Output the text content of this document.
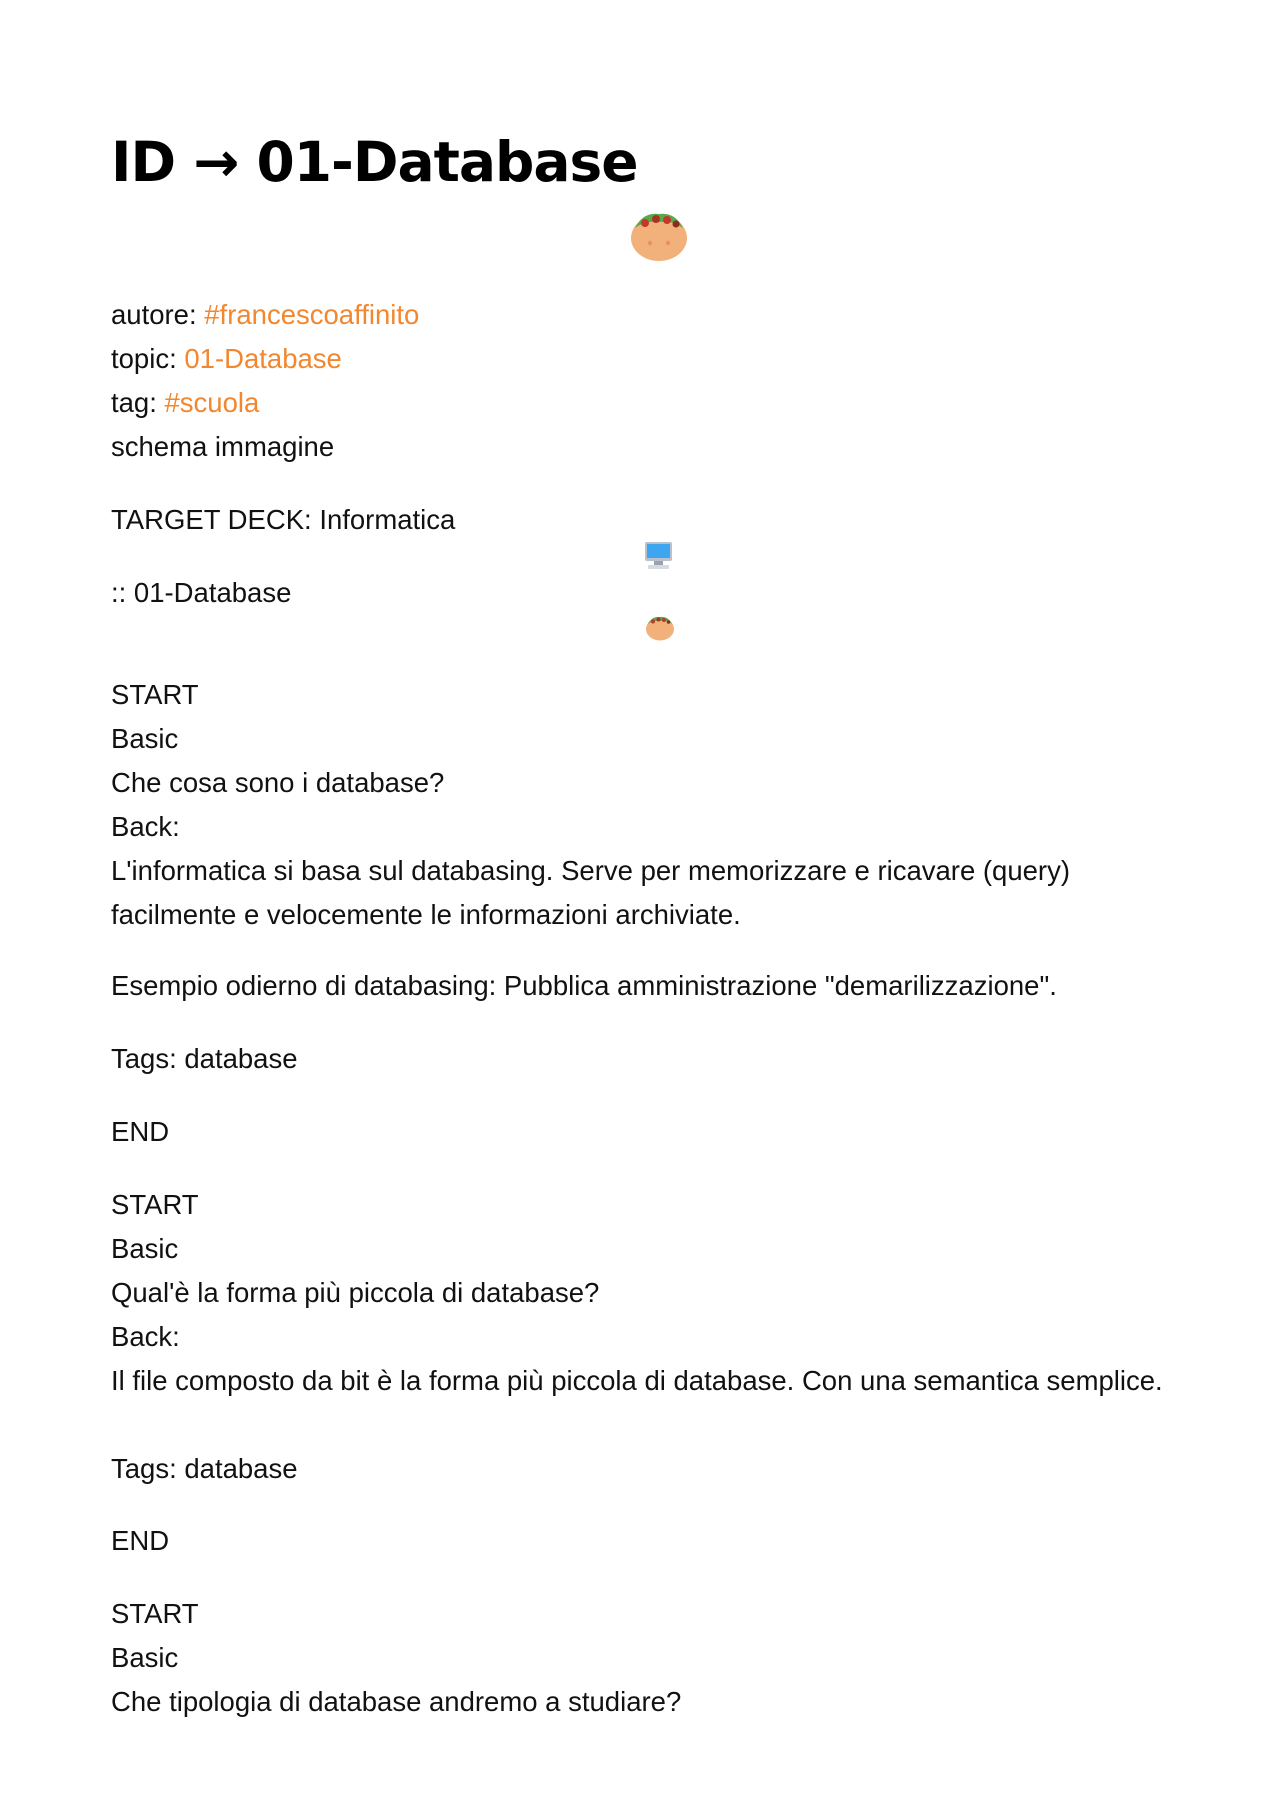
ID → 01-Database

autore: #francescoaffinito

topic: 01-Database

tag: #scuola

schema immagine

TARGET DECK: Informatica

:: 01-Database

START

Basic

Che cosa sono i database?

Back:

L'informatica si basa sul databasing. Serve per memorizzare e ricavare (query) facilmente e velocemente le informazioni archiviate.

Esempio odierno di databasing: Pubblica amministrazione "demarilizzazione".

Tags: database

END

START

Basic

Qual'è la forma più piccola di database?

Back:

Il file composto da bit è la forma più piccola di database. Con una semantica semplice.

Tags: database

END

START

Basic

Che tipologia di database andremo a studiare?
